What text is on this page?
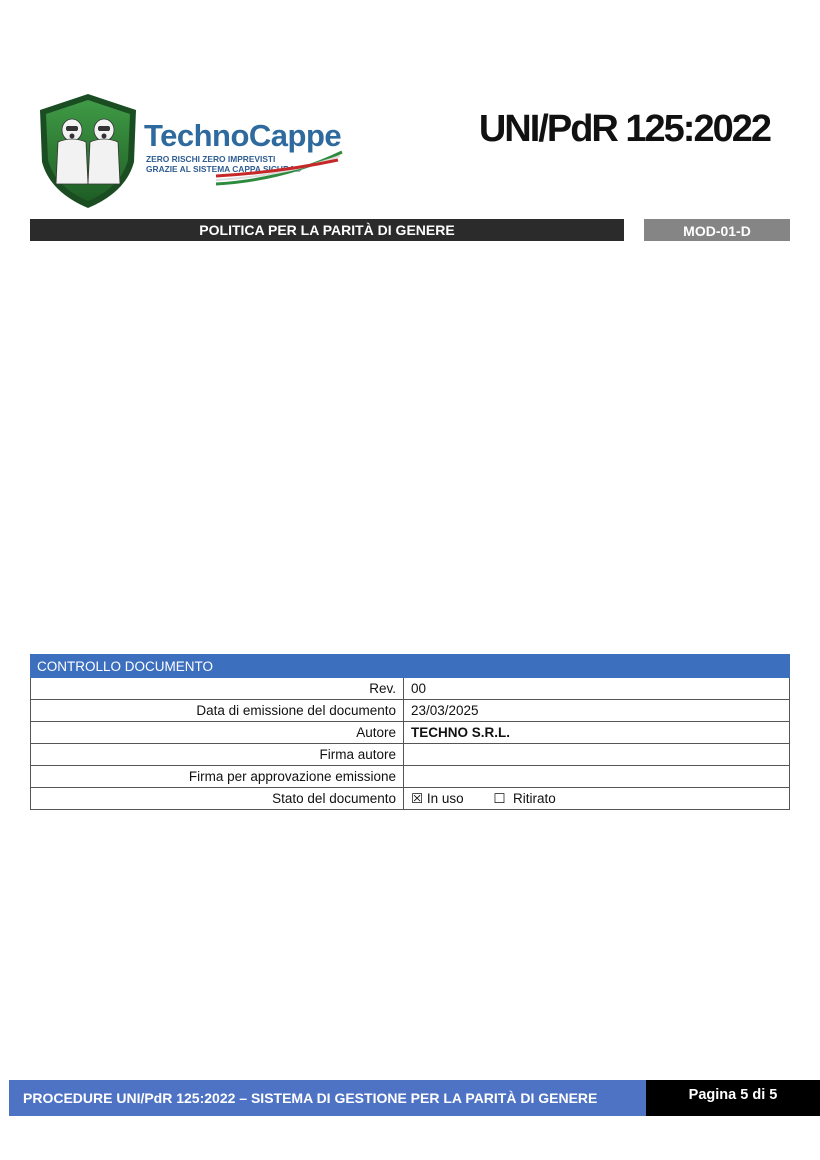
TechnoCappe
ZERO RISCHI ZERO IMPREVISTI
GRAZIE AL SISTEMA CAPPA SICURA®
UNI/PdR 125:2022
POLITICA PER LA PARITÀ DI GENERE	MOD-01-D
CONTROLLO DOCUMENTO	
Rev.	00
Data di emissione del documento	23/03/2025
Autore	TECHNO S.R.L.
Firma autore	
Firma per approvazione emissione	
Stato del documento	☒ In uso ☐ Ritirato
PROCEDURE UNI/PdR 125:2022 – SISTEMA DI GESTIONE PER LA PARITÀ DI GENERE	Pagina 5 di 5
